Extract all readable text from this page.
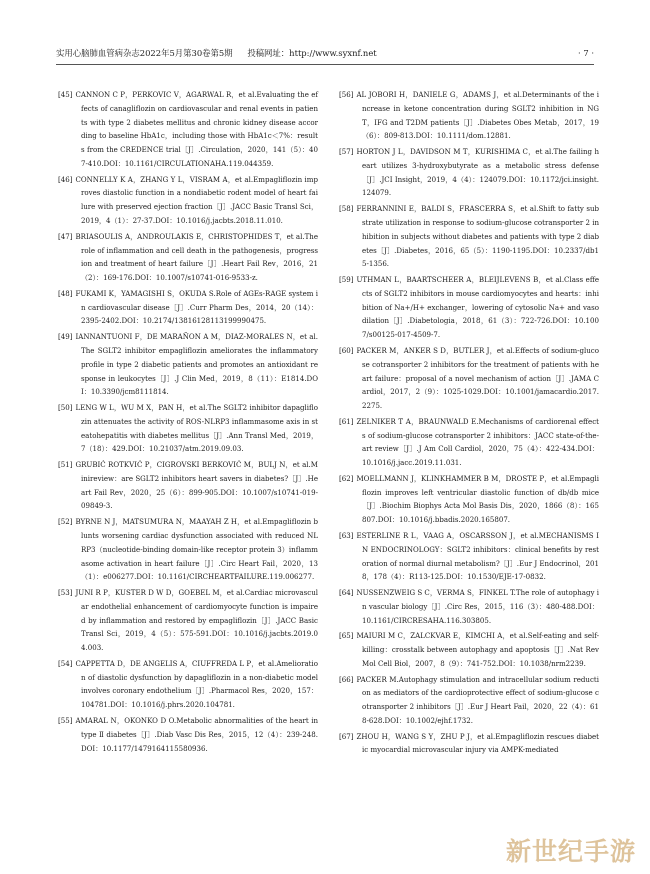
实用心脑肺血管病杂志2022年5月第30卷第5期 投稿网址：http://www.syxnf.net	· 7 ·

[45] CANNON C P，PERKOVIC V，AGARWAL R，et al.Evaluating the effects of canagliflozin on cardiovascular and renal events in patients with type 2 diabetes mellitus and chronic kidney disease according to baseline HbA1c，including those with HbA1c＜7%：results from the CREDENCE trial［J］.Circulation，2020，141（5）：407-410.DOI：10.1161/CIRCULATIONAHA.119.044359.

[46] CONNELLY K A，ZHANG Y L，VISRAM A，et al.Empagliflozin improves diastolic function in a nondiabetic rodent model of heart failure with preserved ejection fraction［J］.JACC Basic Transl Sci，2019，4（1）：27-37.DOI：10.1016/j.jacbts.2018.11.010.

[47] BRIASOULIS A，ANDROULAKIS E，CHRISTOPHIDES T，et al.The role of inflammation and cell death in the pathogenesis，progression and treatment of heart failure［J］.Heart Fail Rev，2016，21（2）：169-176.DOI：10.1007/s10741-016-9533-z.

[48] FUKAMI K，YAMAGISHI S，OKUDA S.Role of AGEs-RAGE system in cardiovascular disease［J］.Curr Pharm Des，2014，20（14）：2395-2402.DOI：10.2174/13816128113199990475.

[49] IANNANTUONI F，DE MARAÑON A M，DIAZ-MORALES N，et al.The SGLT2 inhibitor empagliflozin ameliorates the inflammatory profile in type 2 diabetic patients and promotes an antioxidant response in leukocytes［J］.J Clin Med，2019，8（11）：E1814.DOI：10.3390/jcm8111814.

[50] LENG W L，WU M X，PAN H，et al.The SGLT2 inhibitor dapagliflozin attenuates the activity of ROS-NLRP3 inflammasome axis in steatohepatitis with diabetes mellitus［J］.Ann Transl Med，2019，7（18）：429.DOI：10.21037/atm.2019.09.03.

[51] GRUBIĆ ROTKVIĆ P，CIGROVSKI BERKOVIĆ M，BULJ N，et al.Minireview：are SGLT2 inhibitors heart savers in diabetes?［J］.Heart Fail Rev，2020，25（6）：899-905.DOI：10.1007/s10741-019-09849-3.

[52] BYRNE N J，MATSUMURA N，MAAYAH Z H，et al.Empagliflozin blunts worsening cardiac dysfunction associated with reduced NLRP3（nucleotide-binding domain-like receptor protein 3）inflammasome activation in heart failure［J］.Circ Heart Fail，2020，13（1）：e006277.DOI：10.1161/CIRCHEARTFAILURE.119.006277.

[53] JUNI R P，KUSTER D W D，GOEBEL M，et al.Cardiac microvascular endothelial enhancement of cardiomyocyte function is impaired by inflammation and restored by empagliflozin［J］.JACC Basic Transl Sci，2019，4（5）：575-591.DOI：10.1016/j.jacbts.2019.04.003.

[54] CAPPETTA D，DE ANGELIS A，CIUFFREDA L P，et al.Amelioration of diastolic dysfunction by dapagliflozin in a non-diabetic model involves coronary endothelium［J］.Pharmacol Res，2020，157：104781.DOI：10.1016/j.phrs.2020.104781.

[55] AMARAL N，OKONKO D O.Metabolic abnormalities of the heart in type Ⅱ diabetes［J］.Diab Vasc Dis Res，2015，12（4）：239-248.DOI：10.1177/1479164115580936.

[56] AL JOBORI H，DANIELE G，ADAMS J，et al.Determinants of the increase in ketone concentration during SGLT2 inhibition in NGT，IFG and T2DM patients［J］.Diabetes Obes Metab，2017，19（6）：809-813.DOI：10.1111/dom.12881.

[57] HORTON J L，DAVIDSON M T，KURISHIMA C，et al.The failing heart utilizes 3-hydroxybutyrate as a metabolic stress defense［J］.JCI Insight，2019，4（4）：124079.DOI：10.1172/jci.insight.124079.

[58] FERRANNINI E，BALDI S，FRASCERRA S，et al.Shift to fatty substrate utilization in response to sodium-glucose cotransporter 2 inhibition in subjects without diabetes and patients with type 2 diabetes［J］.Diabetes，2016，65（5）：1190-1195.DOI：10.2337/db15-1356.

[59] UTHMAN L，BAARTSCHEER A，BLEIJLEVENS B，et al.Class effects of SGLT2 inhibitors in mouse cardiomyocytes and hearts：inhibition of Na+/H+ exchanger，lowering of cytosolic Na+ and vasodilation［J］.Diabetologia，2018，61（3）：722-726.DOI：10.1007/s00125-017-4509-7.

[60] PACKER M，ANKER S D，BUTLER J，et al.Effects of sodium-glucose cotransporter 2 inhibitors for the treatment of patients with heart failure：proposal of a novel mechanism of action［J］.JAMA Cardiol，2017，2（9）：1025-1029.DOI：10.1001/jamacardio.2017.2275.

[61] ZELNIKER T A，BRAUNWALD E.Mechanisms of cardiorenal effects of sodium-glucose cotransporter 2 inhibitors：JACC state-of-the-art review［J］.J Am Coll Cardiol，2020，75（4）：422-434.DOI：10.1016/j.jacc.2019.11.031.

[62] MOELLMANN J，KLINKHAMMER B M，DROSTE P，et al.Empagliflozin improves left ventricular diastolic function of db/db mice［J］.Biochim Biophys Acta Mol Basis Dis，2020，1866（8）：165807.DOI：10.1016/j.bbadis.2020.165807.

[63] ESTERLINE R L，VAAG A，OSCARSSON J，et al.MECHANISMS IN ENDOCRINOLOGY：SGLT2 inhibitors：clinical benefits by restoration of normal diurnal metabolism?［J］.Eur J Endocrinol，2018，178（4）：R113-125.DOI：10.1530/EJE-17-0832.

[64] NUSSENZWEIG S C，VERMA S，FINKEL T.The role of autophagy in vascular biology［J］.Circ Res，2015，116（3）：480-488.DOI：10.1161/CIRCRESAHA.116.303805.

[65] MAIURI M C，ZALCKVAR E，KIMCHI A，et al.Self-eating and self-killing：crosstalk between autophagy and apoptosis［J］.Nat Rev Mol Cell Biol，2007，8（9）：741-752.DOI：10.1038/nrm2239.

[66] PACKER M.Autophagy stimulation and intracellular sodium reduction as mediators of the cardioprotective effect of sodium-glucose cotransporter 2 inhibitors［J］.Eur J Heart Fail，2020，22（4）：618-628.DOI：10.1002/ejhf.1732.

[67] ZHOU H，WANG S Y，ZHU P J，et al.Empagliflozin rescues diabetic myocardial microvascular injury via AMPK-mediated

新世纪手游
